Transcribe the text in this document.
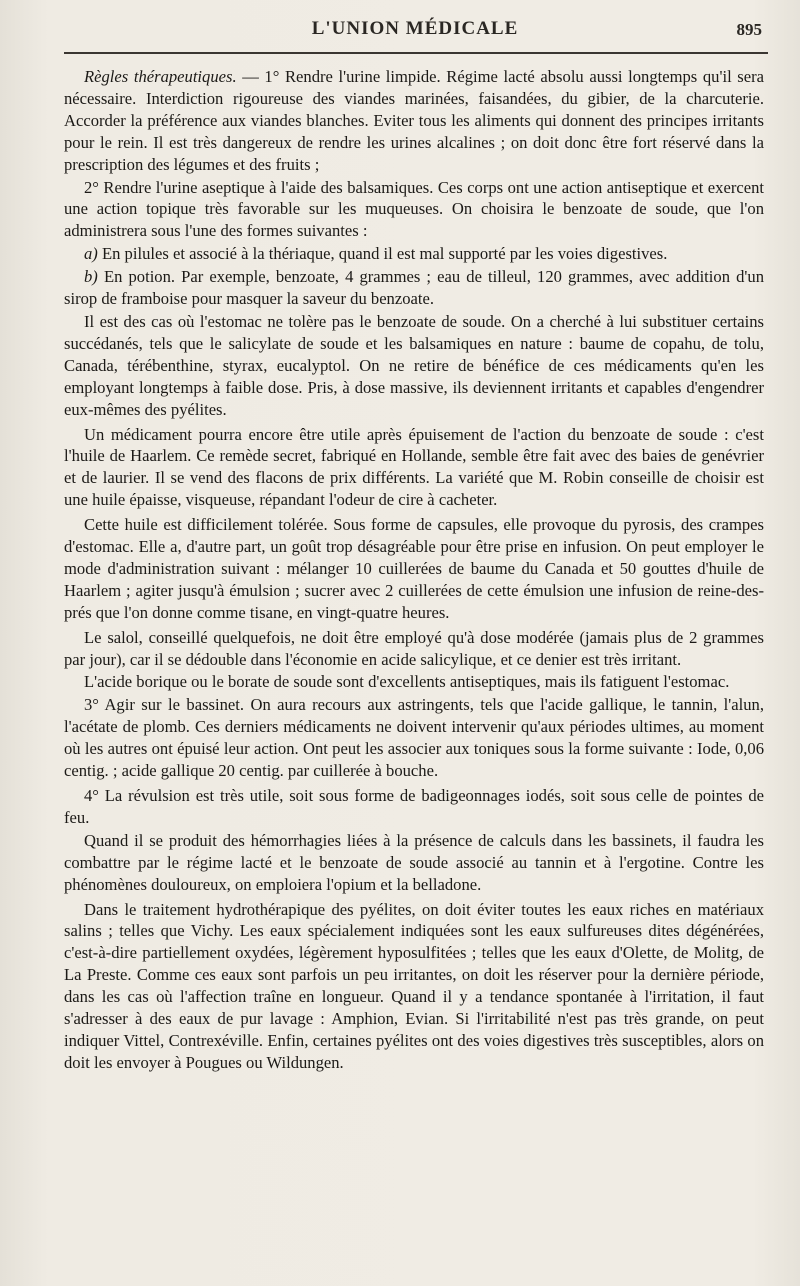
L'UNION MÉDICALE	895

Règles thérapeutiques. — 1° Rendre l'urine limpide. Régime lacté absolu aussi longtemps qu'il sera nécessaire. Interdiction rigoureuse des viandes marinées, faisandées, du gibier, de la charcuterie. Accorder la préférence aux viandes blanches. Eviter tous les aliments qui donnent des principes irritants pour le rein. Il est très dangereux de rendre les urines alcalines ; on doit donc être fort réservé dans la prescription des légumes et des fruits ;

2° Rendre l'urine aseptique à l'aide des balsamiques. Ces corps ont une action antiseptique et exercent une action topique très favorable sur les muqueuses. On choisira le benzoate de soude, que l'on administrera sous l'une des formes suivantes :

a) En pilules et associé à la thériaque, quand il est mal supporté par les voies digestives.

b) En potion. Par exemple, benzoate, 4 grammes ; eau de tilleul, 120 grammes, avec addition d'un sirop de framboise pour masquer la saveur du benzoate.

Il est des cas où l'estomac ne tolère pas le benzoate de soude. On a cherché à lui substituer certains succédanés, tels que le salicylate de soude et les balsamiques en nature : baume de copahu, de tolu, Canada, térébenthine, styrax, eucalyptol. On ne retire de bénéfice de ces médicaments qu'en les employant longtemps à faible dose. Pris, à dose massive, ils deviennent irritants et capables d'engendrer eux-mêmes des pyélites.

Un médicament pourra encore être utile après épuisement de l'action du benzoate de soude : c'est l'huile de Haarlem. Ce remède secret, fabriqué en Hollande, semble être fait avec des baies de genévrier et de laurier. Il se vend des flacons de prix différents. La variété que M. Robin conseille de choisir est une huile épaisse, visqueuse, répandant l'odeur de cire à cacheter.

Cette huile est difficilement tolérée. Sous forme de capsules, elle provoque du pyrosis, des crampes d'estomac. Elle a, d'autre part, un goût trop désagréable pour être prise en infusion. On peut employer le mode d'administration suivant : mélanger 10 cuillerées de baume du Canada et 50 gouttes d'huile de Haarlem ; agiter jusqu'à émulsion ; sucrer avec 2 cuillerées de cette émulsion une infusion de reine-des-prés que l'on donne comme tisane, en vingt-quatre heures.

Le salol, conseillé quelquefois, ne doit être employé qu'à dose modérée (jamais plus de 2 grammes par jour), car il se dédouble dans l'économie en acide salicylique, et ce denier est très irritant.

L'acide borique ou le borate de soude sont d'excellents antiseptiques, mais ils fatiguent l'estomac.

3° Agir sur le bassinet. On aura recours aux astringents, tels que l'acide gallique, le tannin, l'alun, l'acétate de plomb. Ces derniers médicaments ne doivent intervenir qu'aux périodes ultimes, au moment où les autres ont épuisé leur action. Ont peut les associer aux toniques sous la forme suivante : Iode, 0,06 centig. ; acide gallique 20 centig. par cuillerée à bouche.

4° La révulsion est très utile, soit sous forme de badigeonnages iodés, soit sous celle de pointes de feu.

Quand il se produit des hémorrhagies liées à la présence de calculs dans les bassinets, il faudra les combattre par le régime lacté et le benzoate de soude associé au tannin et à l'ergotine. Contre les phénomènes douloureux, on emploiera l'opium et la belladone.

Dans le traitement hydrothérapique des pyélites, on doit éviter toutes les eaux riches en matériaux salins ; telles que Vichy. Les eaux spécialement indiquées sont les eaux sulfureuses dites dégénérées, c'est-à-dire partiellement oxydées, légèrement hyposulfitées ; telles que les eaux d'Olette, de Molitg, de La Preste. Comme ces eaux sont parfois un peu irritantes, on doit les réserver pour la dernière période, dans les cas où l'affection traîne en longueur. Quand il y a tendance spontanée à l'irritation, il faut s'adresser à des eaux de pur lavage : Amphion, Evian. Si l'irritabilité n'est pas très grande, on peut indiquer Vittel, Contrexéville. Enfin, certaines pyélites ont des voies digestives très susceptibles, alors on doit les envoyer à Pougues ou Wildungen.
